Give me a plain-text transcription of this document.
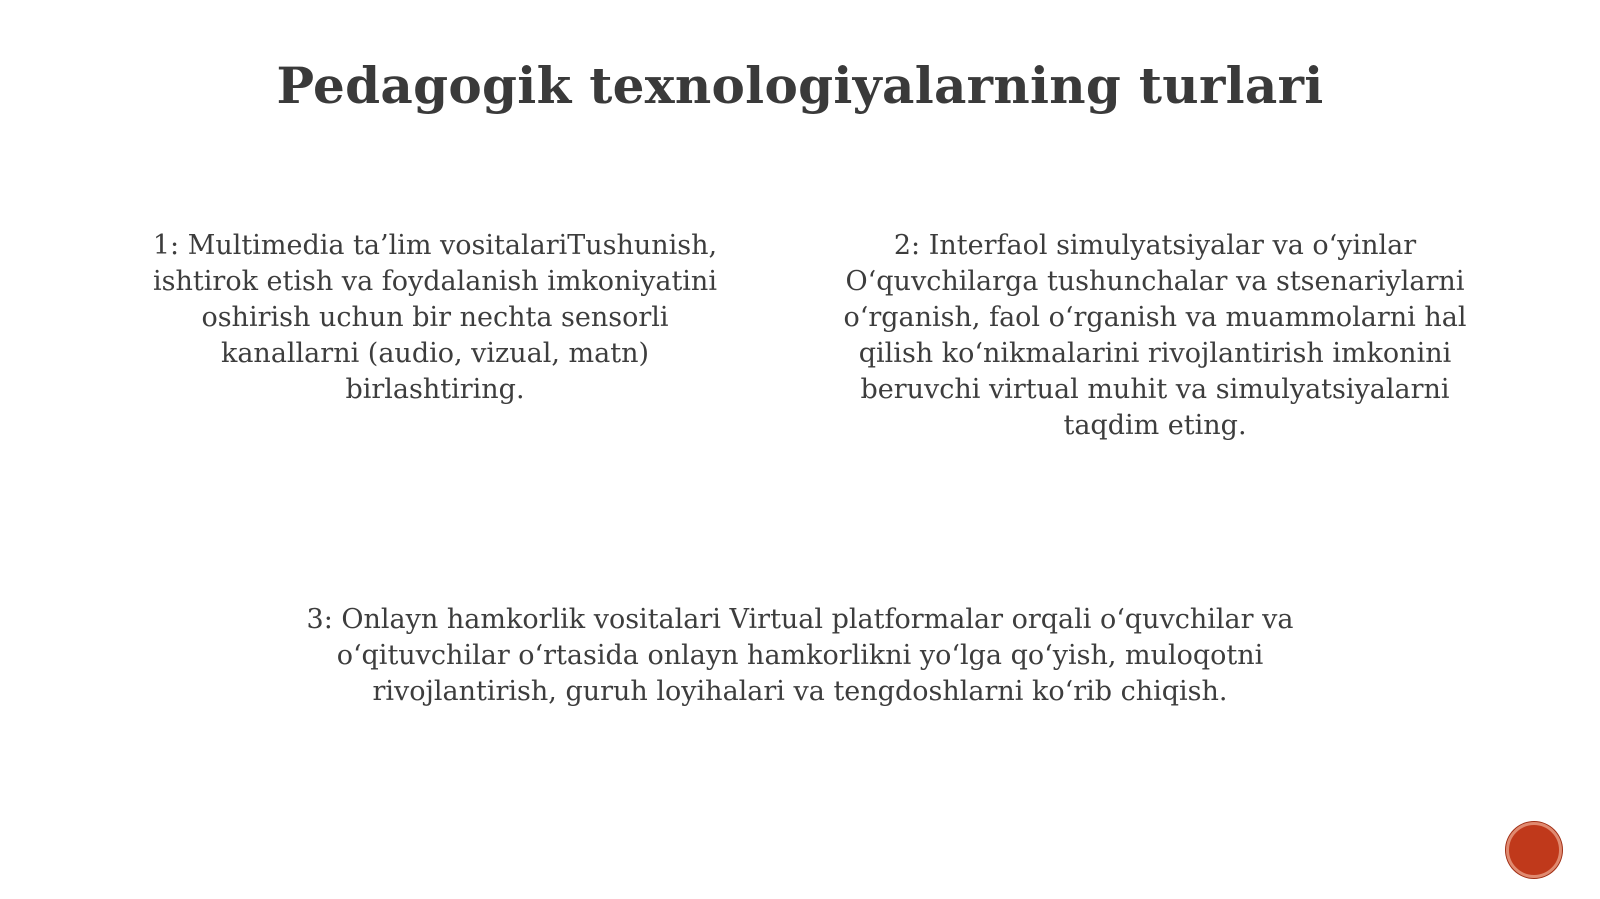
Pedagogik texnologiyalarning turlari
1: Multimedia ta’lim vositalariTushunish, ishtirok etish va foydalanish imkoniyatini oshirish uchun bir nechta sensorli kanallarni (audio, vizual, matn) birlashtiring.
2: Interfaol simulyatsiyalar va oʻyinlar Oʻquvchilarga tushunchalar va stsenariylarni oʻrganish, faol oʻrganish va muammolarni hal qilish koʻnikmalarini rivojlantirish imkonini beruvchi virtual muhit va simulyatsiyalarni taqdim eting.
3: Onlayn hamkorlik vositalari Virtual platformalar orqali oʻquvchilar va oʻqituvchilar oʻrtasida onlayn hamkorlikni yoʻlga qoʻyish, muloqotni rivojlantirish, guruh loyihalari va tengdoshlarni koʻrib chiqish.
